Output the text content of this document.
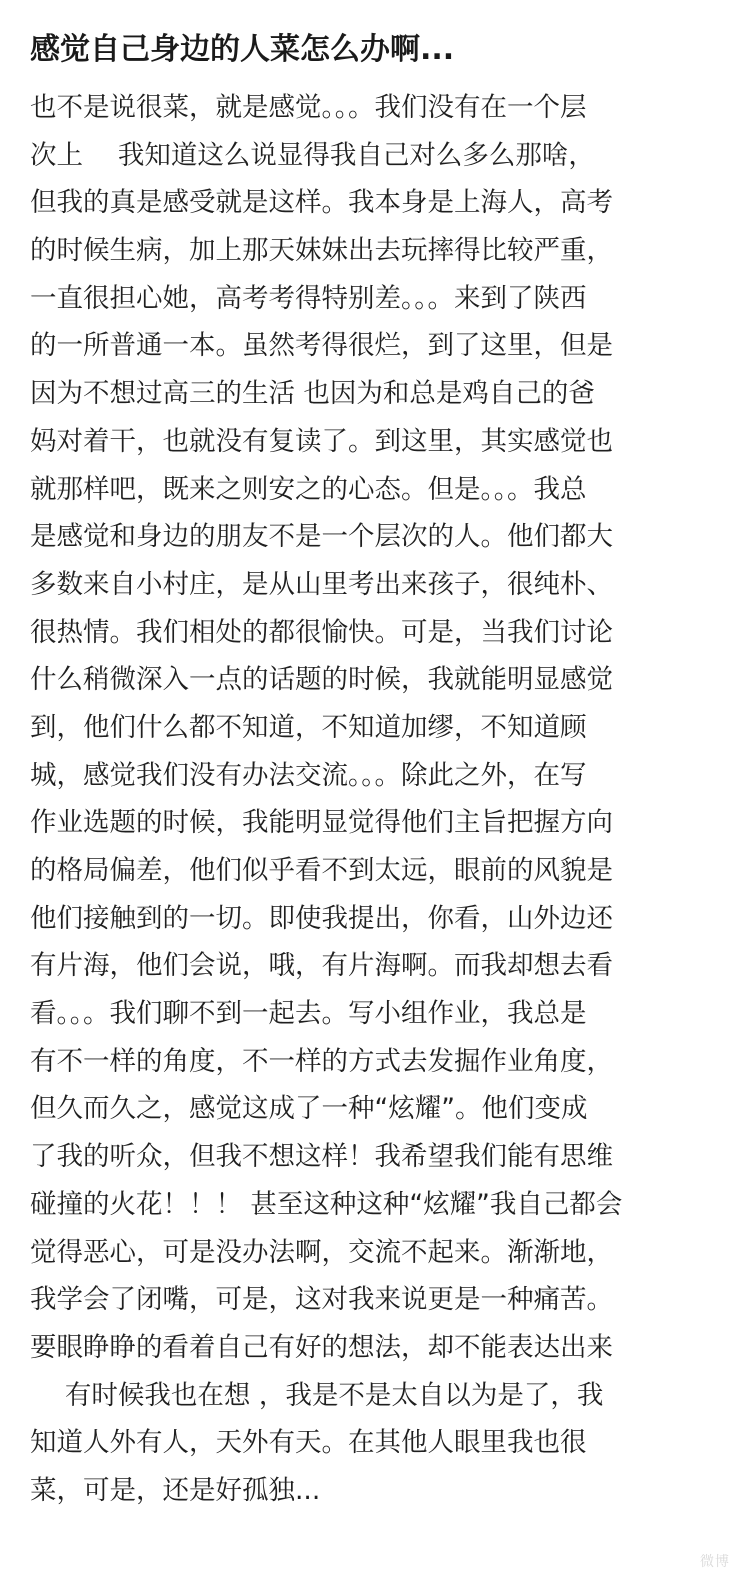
感觉自己身边的人菜怎么办啊...
也不是说很菜，就是感觉。。。我们没有在一个层
次上　 我知道这么说显得我自己对么多么那啥，
但我的真是感受就是这样。我本身是上海人，高考
的时候生病，加上那天妹妹出去玩摔得比较严重，
一直很担心她，高考考得特别差。。。来到了陕西
的一所普通一本。虽然考得很烂，到了这里，但是
因为不想过高三的生活 也因为和总是鸡自己的爸
妈对着干，也就没有复读了。到这里，其实感觉也
就那样吧，既来之则安之的心态。但是。。。我总
是感觉和身边的朋友不是一个层次的人。他们都大
多数来自小村庄，是从山里考出来孩子，很纯朴、
很热情。我们相处的都很愉快。可是，当我们讨论
什么稍微深入一点的话题的时候，我就能明显感觉
到，他们什么都不知道，不知道加缪，不知道顾
城，感觉我们没有办法交流。。。除此之外，在写
作业选题的时候，我能明显觉得他们主旨把握方向
的格局偏差，他们似乎看不到太远，眼前的风貌是
他们接触到的一切。即使我提出，你看，山外边还
有片海，他们会说，哦，有片海啊。而我却想去看
看。。。我们聊不到一起去。写小组作业，我总是
有不一样的角度，不一样的方式去发掘作业角度，
但久而久之，感觉这成了一种“炫耀”。他们变成
了我的听众，但我不想这样！我希望我们能有思维
碰撞的火花！！！ 甚至这种这种“炫耀”我自己都会
觉得恶心，可是没办法啊，交流不起来。渐渐地，
我学会了闭嘴，可是，这对我来说更是一种痛苦。
要眼睁睁的看着自己有好的想法，却不能表达出来
　 有时候我也在想 ，我是不是太自以为是了，我
知道人外有人，天外有天。在其他人眼里我也很
菜，可是，还是好孤独...
微博
